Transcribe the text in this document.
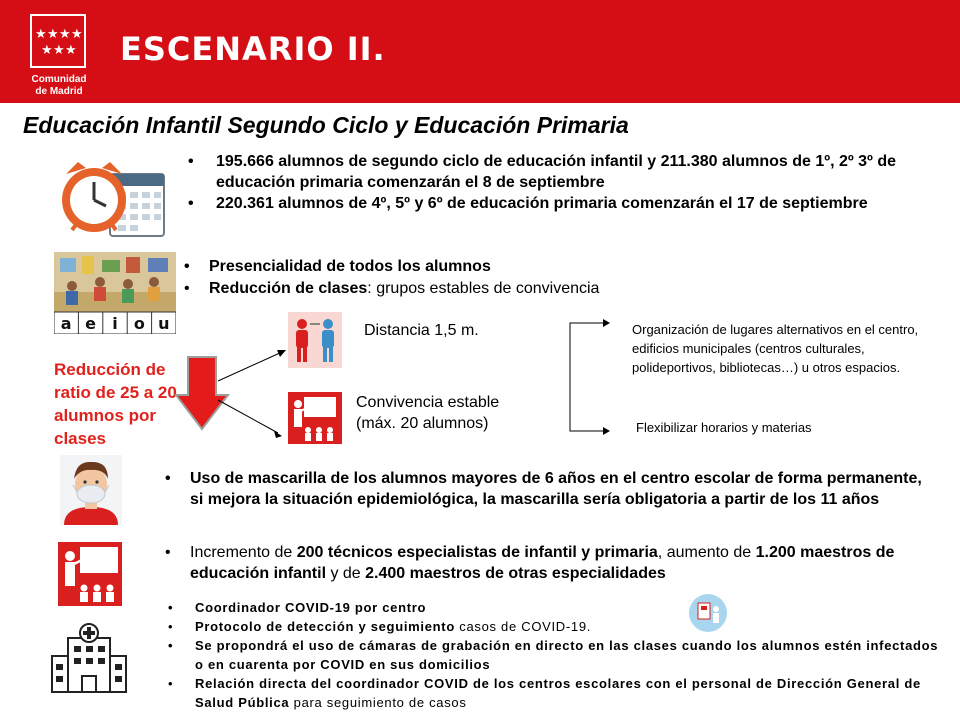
★ ★ ★ ★
★ ★ ★
Comunidad
de Madrid
ESCENARIO II.
Educación Infantil Segundo Ciclo y Educación Primaria
• 195.666 alumnos de segundo ciclo de educación infantil y 211.380 alumnos de 1º, 2º 3º de educación primaria comenzarán el 8 de septiembre
• 220.361 alumnos de 4º, 5º y 6º de educación primaria comenzarán el 17 de septiembre
a e i o u
• Presencialidad de todos los alumnos
• Reducción de clases: grupos estables de convivencia
Reducción de ratio de 25 a 20 alumnos por clases
Distancia 1,5 m.
Convivencia estable
(máx. 20 alumnos)
Organización de lugares alternativos en el centro, edificios municipales (centros culturales, polideportivos, bibliotecas…) u otros espacios.
Flexibilizar horarios y materias
• Uso de mascarilla de los alumnos mayores de 6 años en el centro escolar de forma permanente, si mejora la situación epidemiológica, la mascarilla sería obligatoria a partir de los 11 años
• Incremento de 200 técnicos especialistas de infantil y primaria, aumento de 1.200 maestros de educación infantil y de 2.400 maestros de otras especialidades
• Coordinador COVID-19 por centro
• Protocolo de detección y seguimiento casos de COVID-19.
• Se propondrá el uso de cámaras de grabación en directo en las clases cuando los alumnos estén infectados o en cuarenta por COVID en sus domicilios
• Relación directa del coordinador COVID de los centros escolares con el personal de Dirección General de Salud Pública para seguimiento de casos
